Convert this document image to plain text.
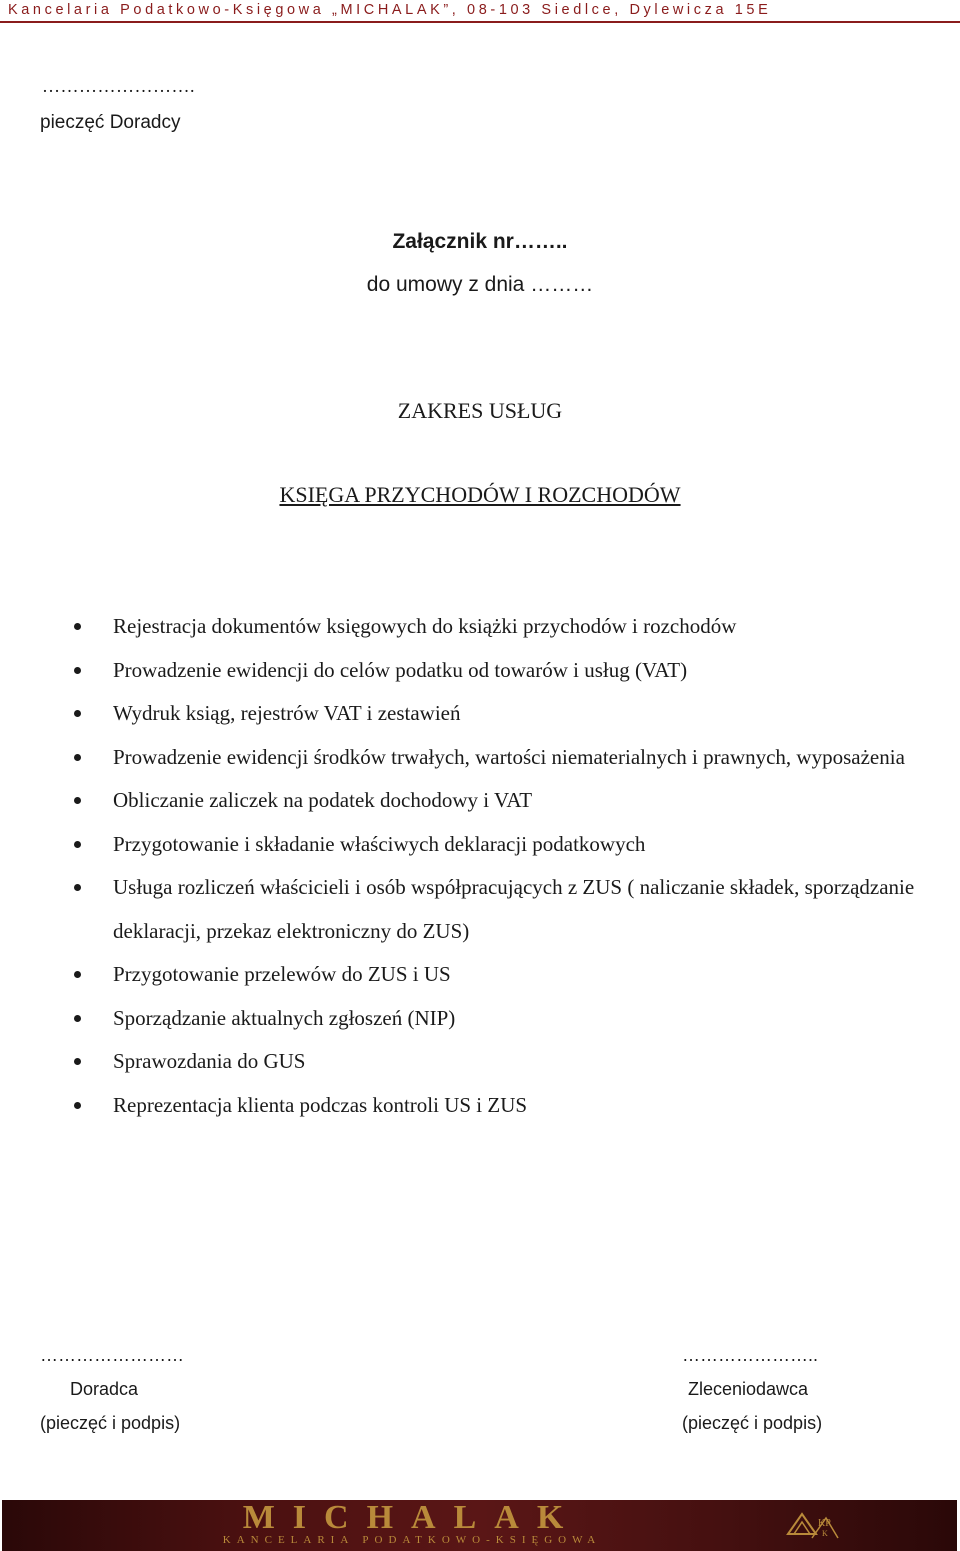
Kancelaria Podatkowo-Księgowa „MICHALAK”, 08-103 Siedlce, Dylewicza 15E
…………………….
pieczęć Doradcy
Załącznik nr……..
do umowy z dnia ………
ZAKRES USŁUG
KSIĘGA PRZYCHODÓW I ROZCHODÓW
Rejestracja dokumentów księgowych do książki przychodów i rozchodów
Prowadzenie ewidencji do celów podatku od towarów i usług (VAT)
Wydruk ksiąg, rejestrów VAT i zestawień
Prowadzenie ewidencji środków trwałych, wartości niematerialnych i prawnych, wyposażenia
Obliczanie zaliczek na podatek dochodowy i VAT
Przygotowanie i składanie właściwych deklaracji podatkowych
Usługa rozliczeń właścicieli i osób współpracujących z ZUS ( naliczanie składek, sporządzanie deklaracji, przekaz elektroniczny do ZUS)
Przygotowanie przelewów do ZUS i US
Sporządzanie aktualnych zgłoszeń (NIP)
Sprawozdania do GUS
Reprezentacja klienta podczas kontroli US i ZUS
……………………
Doradca
(pieczęć i podpis)
…………………..
Zleceniodawca
(pieczęć i podpis)
MICHALAK
KANCELARIA PODATKOWO-KSIĘGOWA
KP
K
